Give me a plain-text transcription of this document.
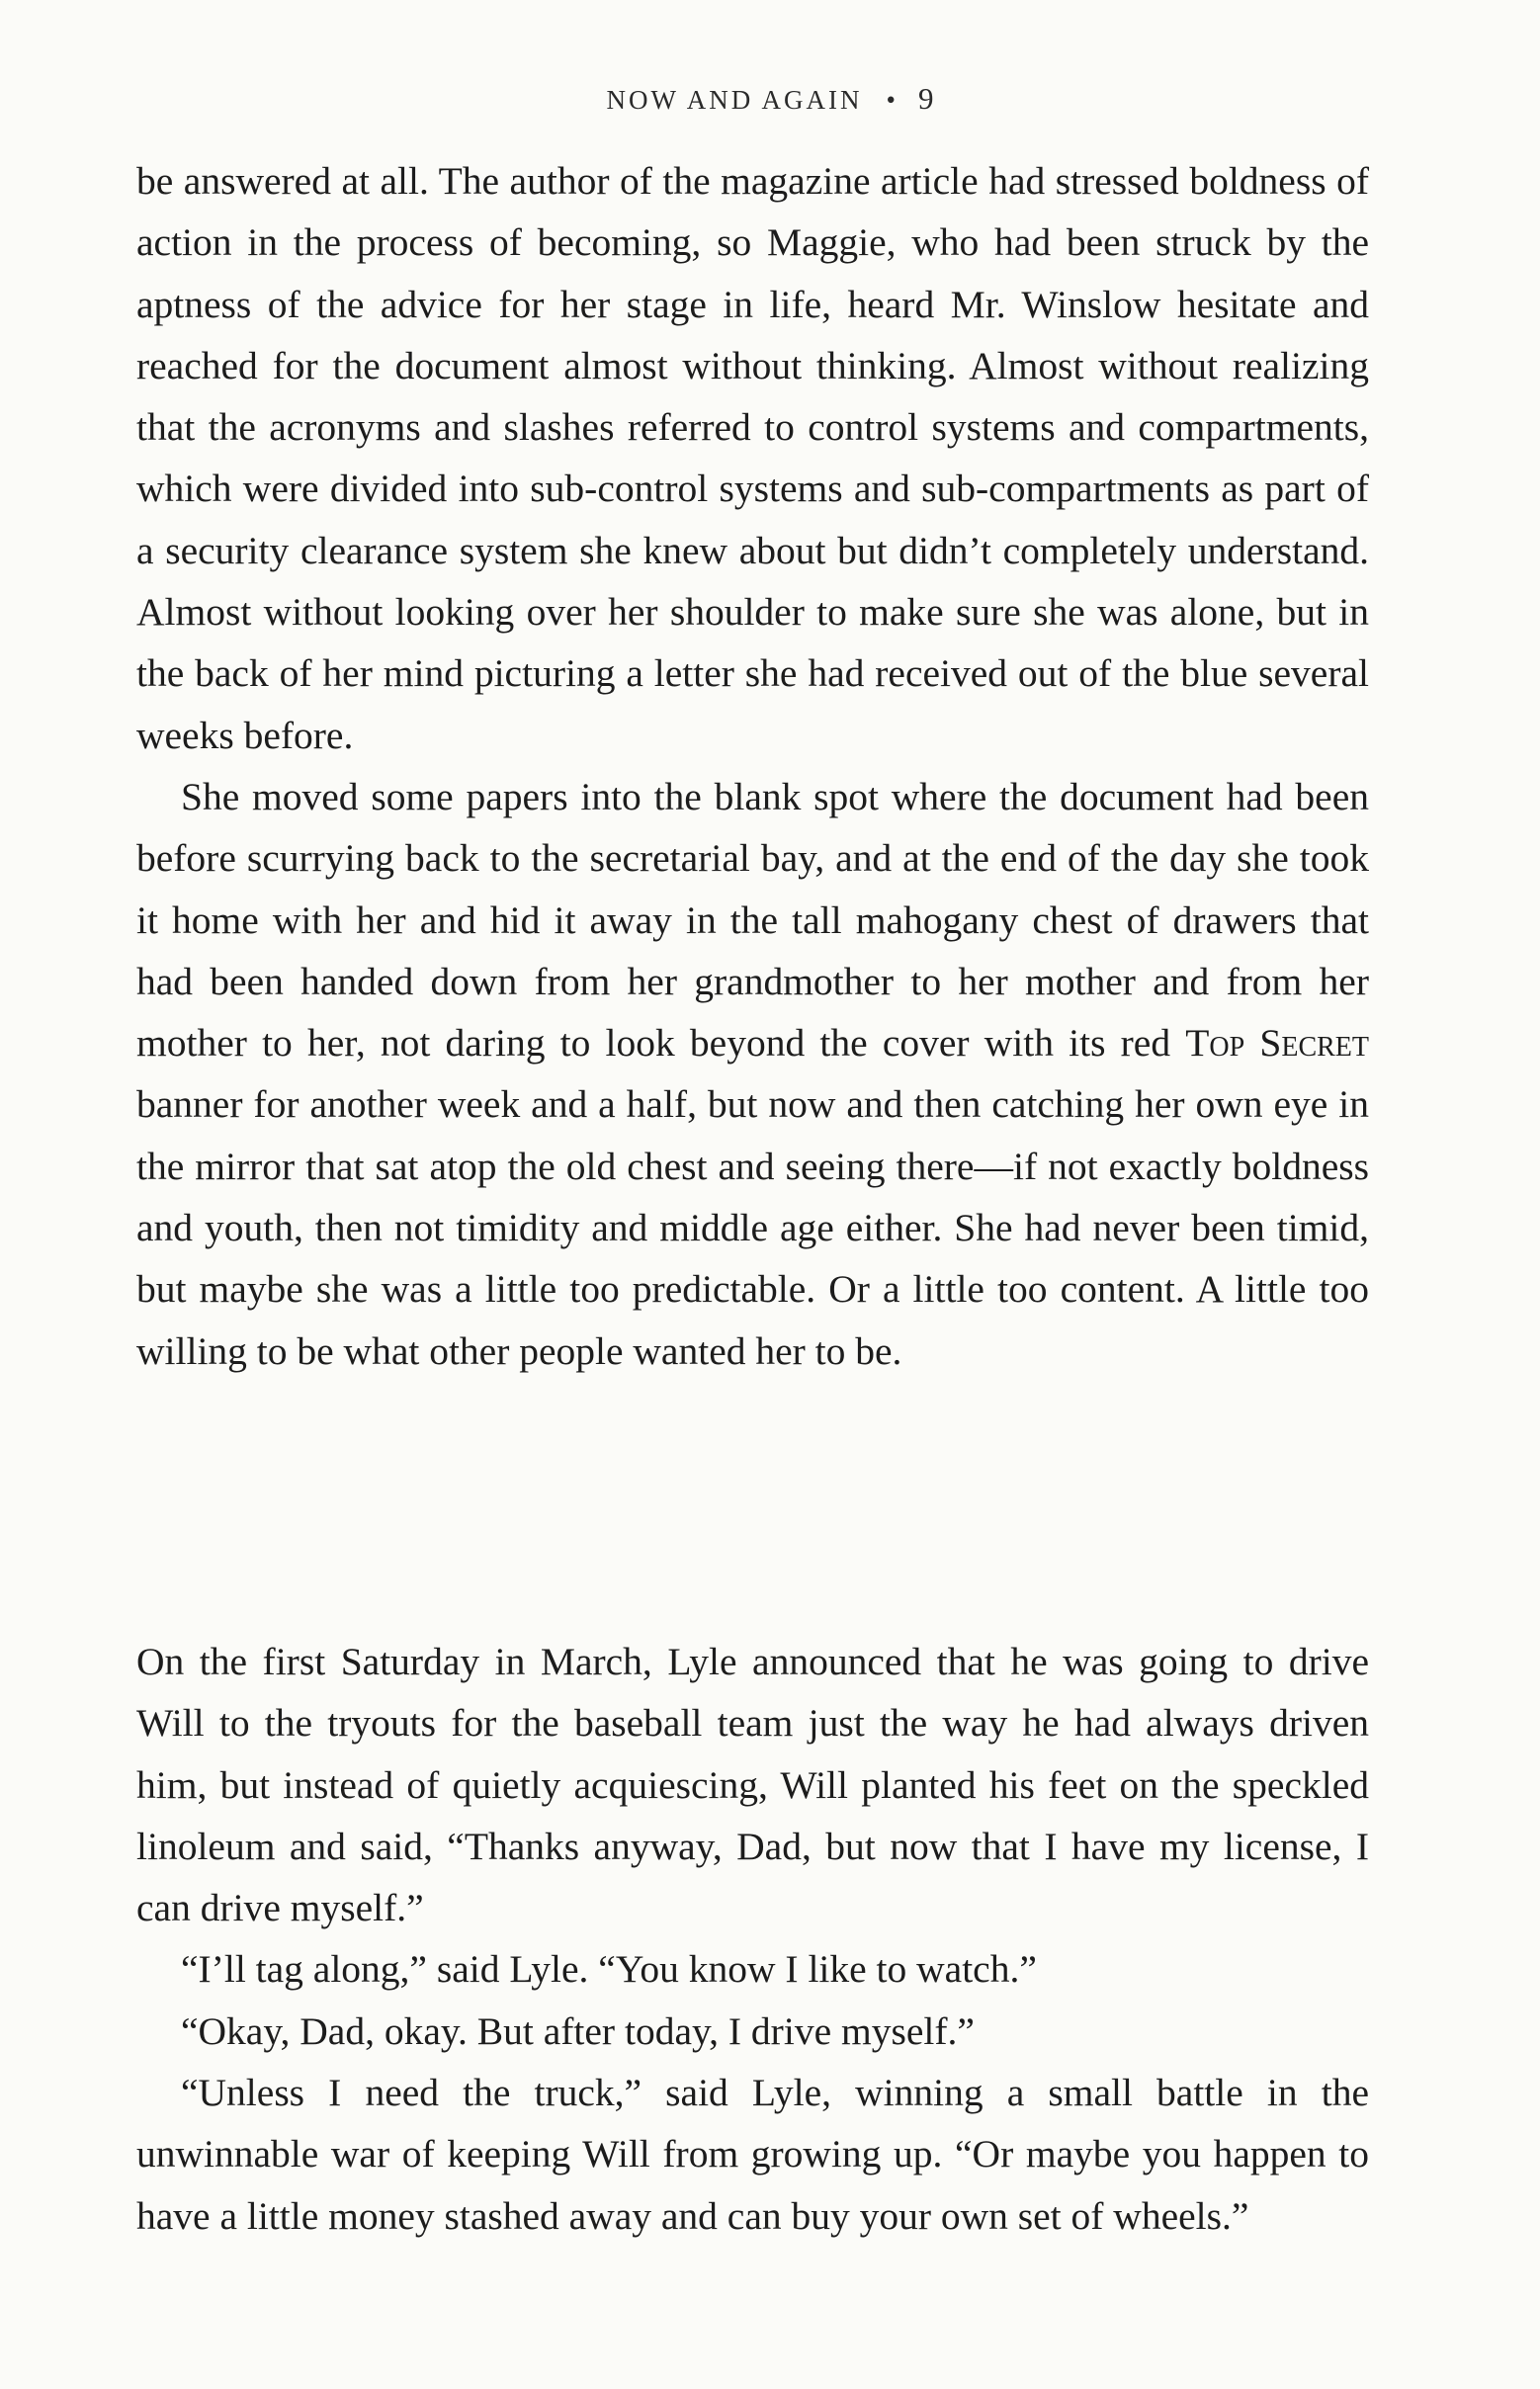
NOW AND AGAIN • 9

be answered at all. The author of the magazine article had stressed boldness of action in the process of becoming, so Maggie, who had been struck by the aptness of the advice for her stage in life, heard Mr. Winslow hesitate and reached for the document almost without thinking. Almost without realizing that the acronyms and slashes referred to control systems and compartments, which were divided into sub-control systems and sub-compartments as part of a security clearance system she knew about but didn’t completely understand. Almost without looking over her shoulder to make sure she was alone, but in the back of her mind picturing a letter she had received out of the blue several weeks before.

She moved some papers into the blank spot where the document had been before scurrying back to the secretarial bay, and at the end of the day she took it home with her and hid it away in the tall mahogany chest of drawers that had been handed down from her grandmother to her mother and from her mother to her, not daring to look beyond the cover with its red Top Secret banner for another week and a half, but now and then catching her own eye in the mirror that sat atop the old chest and seeing there—if not exactly boldness and youth, then not timidity and middle age either. She had never been timid, but maybe she was a little too predictable. Or a little too content. A little too willing to be what other people wanted her to be.

On the first Saturday in March, Lyle announced that he was going to drive Will to the tryouts for the baseball team just the way he had always driven him, but instead of quietly acquiescing, Will planted his feet on the speckled linoleum and said, “Thanks anyway, Dad, but now that I have my license, I can drive myself.”

“I’ll tag along,” said Lyle. “You know I like to watch.”

“Okay, Dad, okay. But after today, I drive myself.”

“Unless I need the truck,” said Lyle, winning a small battle in the unwinnable war of keeping Will from growing up. “Or maybe you happen to have a little money stashed away and can buy your own set of wheels.”
